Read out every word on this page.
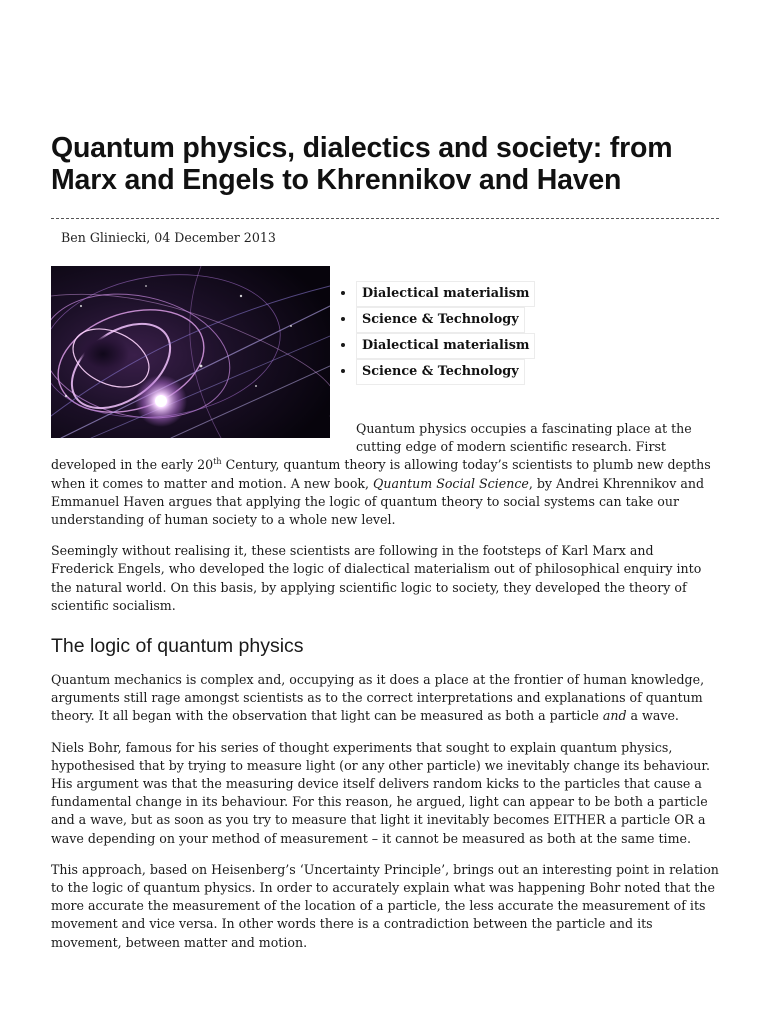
Quantum physics, dialectics and society: from Marx and Engels to Khrennikov and Haven
Ben Gliniecki, 04 December 2013
• Dialectical materialism
• Science & Technology
• Dialectical materialism
• Science & Technology

Quantum physics occupies a fascinating place at the cutting edge of modern scientific research. First developed in the early 20th Century, quantum theory is allowing today’s scientists to plumb new depths when it comes to matter and motion. A new book, Quantum Social Science, by Andrei Khrennikov and Emmanuel Haven argues that applying the logic of quantum theory to social systems can take our understanding of human society to a whole new level.

Seemingly without realising it, these scientists are following in the footsteps of Karl Marx and Frederick Engels, who developed the logic of dialectical materialism out of philosophical enquiry into the natural world. On this basis, by applying scientific logic to society, they developed the theory of scientific socialism.

The logic of quantum physics

Quantum mechanics is complex and, occupying as it does a place at the frontier of human knowledge, arguments still rage amongst scientists as to the correct interpretations and explanations of quantum theory. It all began with the observation that light can be measured as both a particle and a wave.

Niels Bohr, famous for his series of thought experiments that sought to explain quantum physics, hypothesised that by trying to measure light (or any other particle) we inevitably change its behaviour. His argument was that the measuring device itself delivers random kicks to the particles that cause a fundamental change in its behaviour. For this reason, he argued, light can appear to be both a particle and a wave, but as soon as you try to measure that light it inevitably becomes EITHER a particle OR a wave depending on your method of measurement – it cannot be measured as both at the same time.

This approach, based on Heisenberg’s ‘Uncertainty Principle’, brings out an interesting point in relation to the logic of quantum physics. In order to accurately explain what was happening Bohr noted that the more accurate the measurement of the location of a particle, the less accurate the measurement of its movement and vice versa. In other words there is a contradiction between the particle and its movement, between matter and motion.
